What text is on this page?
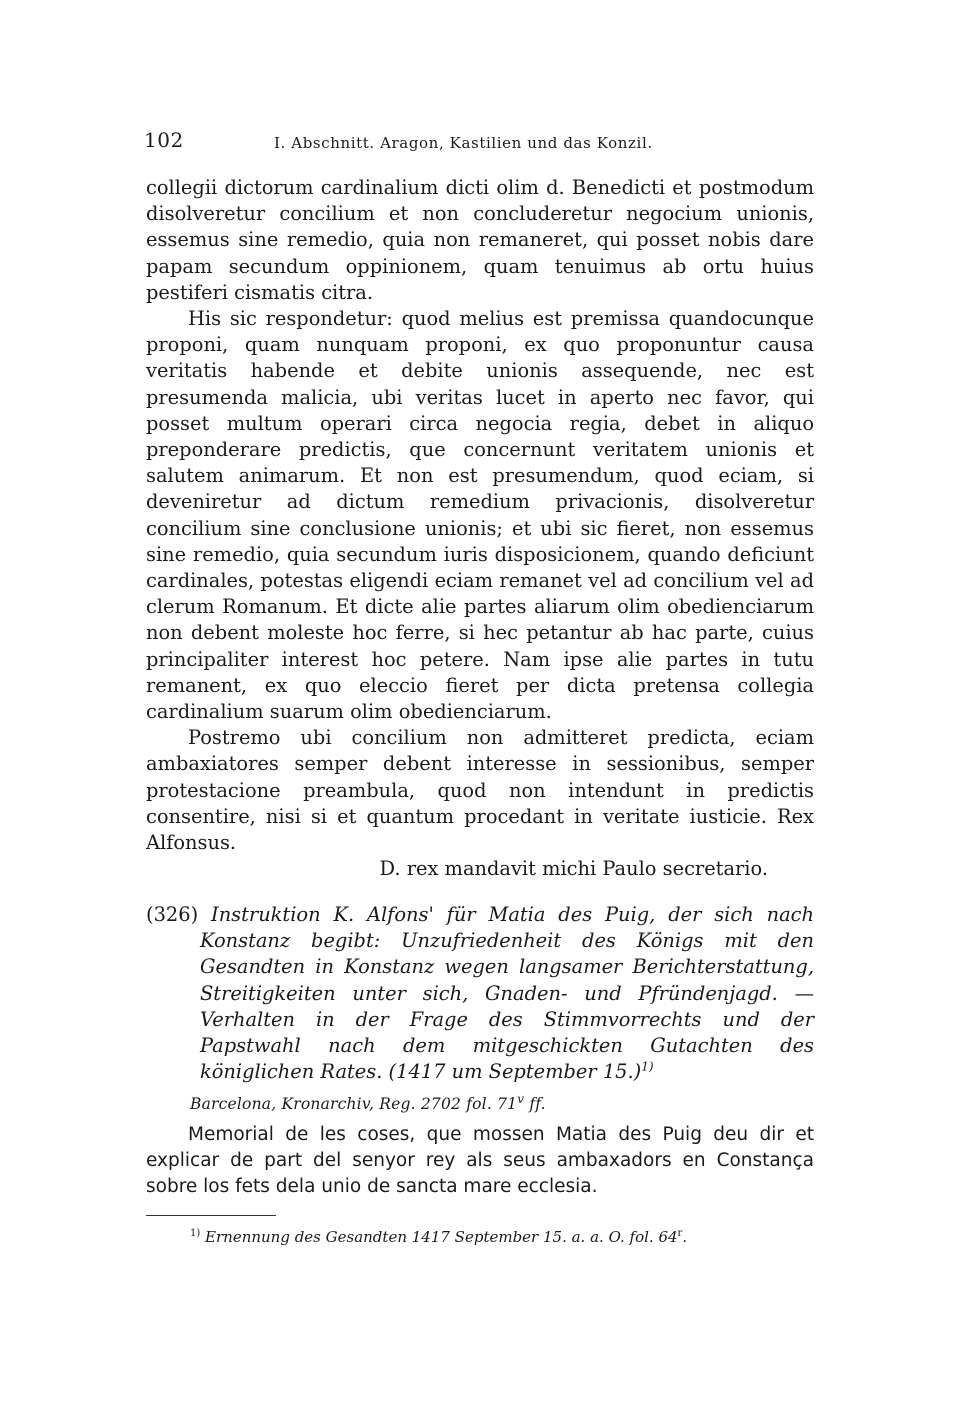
102	I. Abschnitt. Aragon, Kastilien und das Konzil.

collegii dictorum cardinalium dicti olim d. Benedicti et postmodum disolveretur concilium et non concluderetur negocium unionis, essemus sine remedio, quia non remaneret, qui posset nobis dare papam secundum oppinionem, quam tenuimus ab ortu huius pestiferi cismatis citra.

His sic respondetur: quod melius est premissa quandocunque proponi, quam nunquam proponi, ex quo proponuntur causa veritatis habende et debite unionis assequende, nec est presumenda malicia, ubi veritas lucet in aperto nec favor, qui posset multum operari circa negocia regia, debet in aliquo preponderare predictis, que concernunt veritatem unionis et salutem animarum. Et non est presumendum, quod eciam, si deveniretur ad dictum remedium privacionis, disolveretur concilium sine conclusione unionis; et ubi sic fieret, non essemus sine remedio, quia secundum iuris disposicionem, quando deficiunt cardinales, potestas eligendi eciam remanet vel ad concilium vel ad clerum Romanum. Et dicte alie partes aliarum olim obedienciarum non debent moleste hoc ferre, si hec petantur ab hac parte, cuius principaliter interest hoc petere. Nam ipse alie partes in tutu remanent, ex quo eleccio fieret per dicta pretensa collegia cardinalium suarum olim obedienciarum.

Postremo ubi concilium non admitteret predicta, eciam ambaxiatores semper debent interesse in sessionibus, semper protestacione preambula, quod non intendunt in predictis consentire, nisi si et quantum procedant in veritate iusticie. Rex Alfonsus.

D. rex mandavit michi Paulo secretario.

(326) Instruktion K. Alfons' für Matia des Puig, der sich nach Konstanz begibt: Unzufriedenheit des Königs mit den Gesandten in Konstanz wegen langsamer Berichterstattung, Streitigkeiten unter sich, Gnaden- und Pfründenjagd. — Verhalten in der Frage des Stimmvorrechts und der Papstwahl nach dem mitgeschickten Gutachten des königlichen Rates. (1417 um September 15.)$^{1)}$

Barcelona, Kronarchiv, Reg. 2702 fol. 71$^v$ ff.

Memorial de les coses, que mossen Matia des Puig deu dir et explicar de part del senyor rey als seus ambaxadors en Constança sobre los fets dela unio de sancta mare ecclesia.

$^{1)}$ Ernennung des Gesandten 1417 September 15. a. a. O. fol. 64$^r$.
